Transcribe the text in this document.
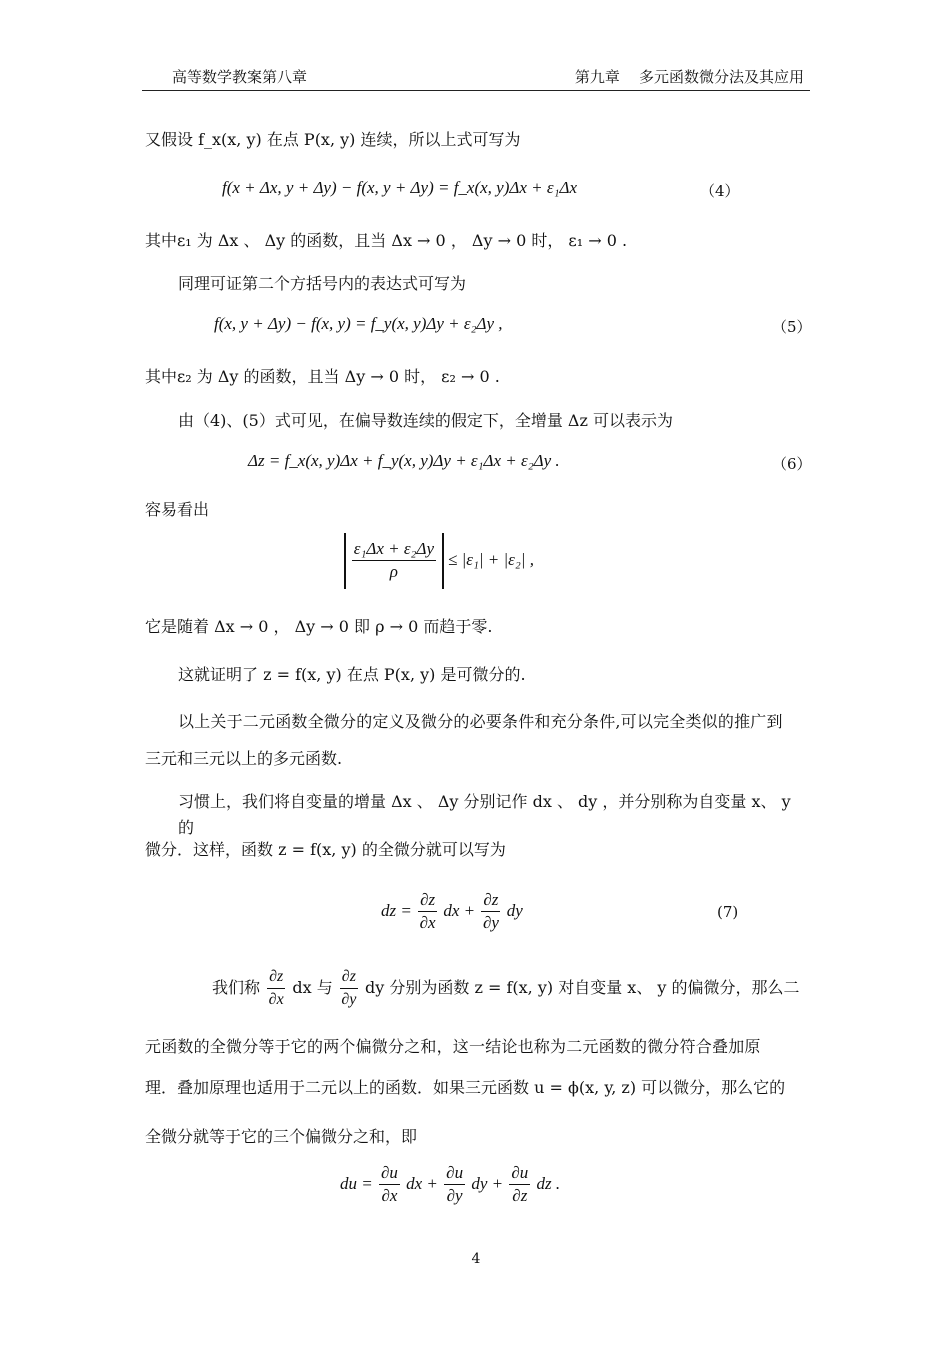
高等数学教案第八章	第九章    多元函数微分法及其应用
又假设 f_x(x, y) 在点 P(x, y) 连续，所以上式可写为
f(x + Δx, y + Δy) − f(x, y + Δy) = f_x(x, y)Δx + ε₁Δx	（4）
其中ε₁ 为 Δx 、 Δy 的函数，且当 Δx → 0 ， Δy → 0 时， ε₁ → 0 .
同理可证第二个方括号内的表达式可写为
f(x, y + Δy) − f(x, y) = f_y(x, y)Δy + ε₂Δy ,	（5）
其中ε₂ 为 Δy 的函数，且当 Δy → 0 时， ε₂ → 0 .
由（4)、(5）式可见，在偏导数连续的假定下，全增量 Δz 可以表示为
Δz = f_x(x, y)Δx + f_y(x, y)Δy + ε₁Δx + ε₂Δy .	（6）
容易看出

$\frac{\text{ε₁Δx + ε₂Δy}}{\rho} \le |\varepsilon_1| + |\varepsilon_2|$ ,
它是随着 Δx → 0 ， Δy → 0 即 ρ → 0 而趋于零.
这就证明了 z = f(x, y) 在点 P(x, y) 是可微分的.
以上关于二元函数全微分的定义及微分的必要条件和充分条件,可以完全类似的推广到
三元和三元以上的多元函数.
习惯上，我们将自变量的增量 Δx 、 Δy 分别记作 dx 、 dy ，并分别称为自变量 x、 y 的
微分．这样，函数 z = f(x, y) 的全微分就可以写为
dz = $\frac{\partial z}{\partial x}$ dx + $\frac{\partial z}{\partial y}$ dy	(7)
我们称 $\frac{\partial z}{\partial x}$ dx 与 $\frac{\partial z}{\partial y}$ dy 分别为函数 z = f(x, y) 对自变量 x、 y 的偏微分，那么二
元函数的全微分等于它的两个偏微分之和，这一结论也称为二元函数的微分符合叠加原
理．叠加原理也适用于二元以上的函数．如果三元函数 u = ϕ(x, y, z) 可以微分，那么它的
全微分就等于它的三个偏微分之和，即
du = $\frac{\partial u}{\partial x}$ dx + $\frac{\partial u}{\partial y}$ dy + $\frac{\partial u}{\partial z}$ dz .
4
